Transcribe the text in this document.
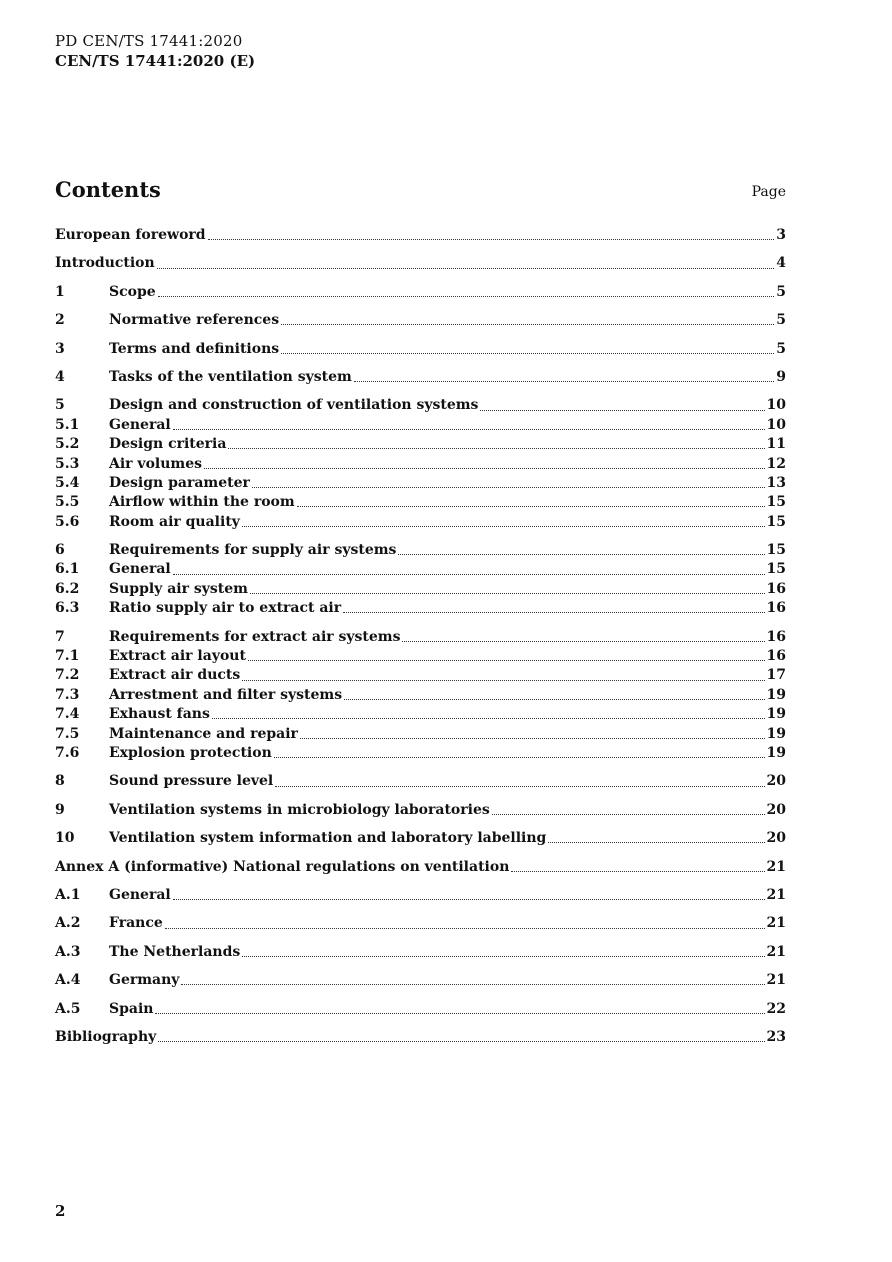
PD CEN/TS 17441:2020
CEN/TS 17441:2020 (E)
Contents	Page
European foreword	3
Introduction	4
1	Scope	5
2	Normative references	5
3	Terms and definitions	5
4	Tasks of the ventilation system	9
5	Design and construction of ventilation systems	10
5.1	General	10
5.2	Design criteria	11
5.3	Air volumes	12
5.4	Design parameter	13
5.5	Airflow within the room	15
5.6	Room air quality	15
6	Requirements for supply air systems	15
6.1	General	15
6.2	Supply air system	16
6.3	Ratio supply air to extract air	16
7	Requirements for extract air systems	16
7.1	Extract air layout	16
7.2	Extract air ducts	17
7.3	Arrestment and filter systems	19
7.4	Exhaust fans	19
7.5	Maintenance and repair	19
7.6	Explosion protection	19
8	Sound pressure level	20
9	Ventilation systems in microbiology laboratories	20
10	Ventilation system information and laboratory labelling	20
Annex A (informative) National regulations on ventilation	21
A.1	General	21
A.2	France	21
A.3	The Netherlands	21
A.4	Germany	21
A.5	Spain	22
Bibliography	23
2
